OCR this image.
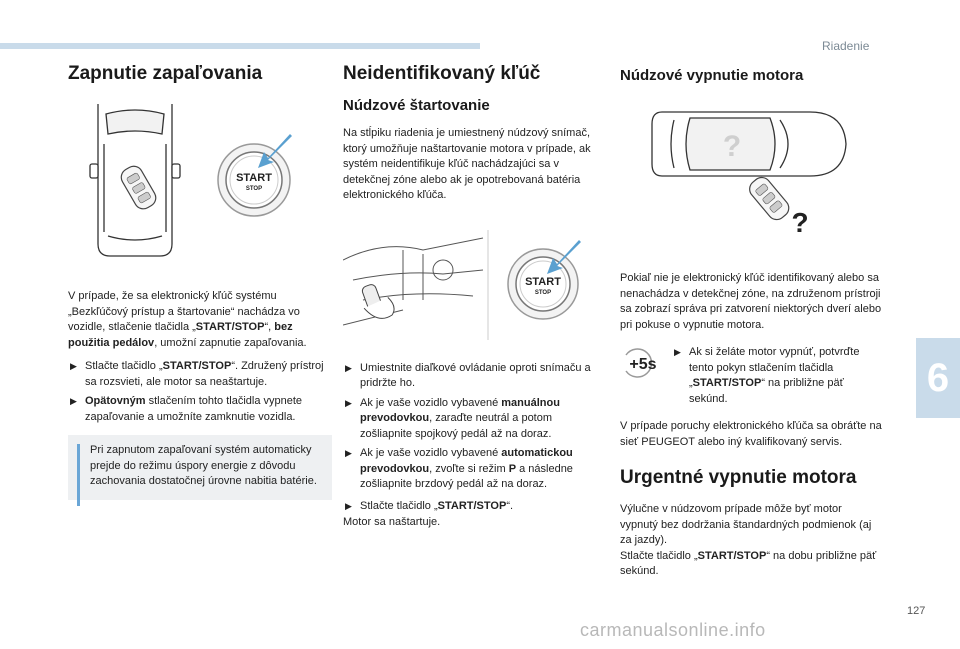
Riadenie
6
127
carmanualsonline.info
Zapnutie zapaľovania
START
STOP

V prípade, že sa elektronický kľúč systému „Bezkľúčový prístup a štartovanie“ nachádza vo vozidle, stlačenie tlačidla „START/STOP“, bez použitia pedálov, umožní zapnutie zapaľovania.

▶ Stlačte tlačidlo „START/STOP“. Združený prístroj sa rozsvieti, ale motor sa neaštartuje.
▶ Opätovným stlačením tohto tlačidla vypnete zapaľovanie a umožníte zamknutie vozidla.

Pri zapnutom zapaľovaní systém automaticky prejde do režimu úspory energie z dôvodu zachovania dostatočnej úrovne nabitia batérie.

Neidentifikovaný kľúč
Núdzové štartovanie

Na stĺpiku riadenia je umiestnený núdzový snímač, ktorý umožňuje naštartovanie motora v prípade, ak systém neidentifikuje kľúč nachádzajúci sa v detekčnej zóne alebo ak je opotrebovaná batéria elektronického kľúča.

START
STOP
▶ Umiestnite diaľkové ovládanie oproti snímaču a pridržte ho.
▶ Ak je vaše vozidlo vybavené manuálnou prevodovkou, zaraďte neutrál a potom zošliapnite spojkový pedál až na doraz.
▶ Ak je vaše vozidlo vybavené automatickou prevodovkou, zvoľte si režim P a následne zošliapnite brzdový pedál až na doraz.
▶ Stlačte tlačidlo „START/STOP“.

Motor sa naštartuje.

Núdzové vypnutie motora
?
?

Pokiaľ nie je elektronický kľúč identifikovaný alebo sa nenachádza v detekčnej zóne, na združenom prístroji sa zobrazí správa pri zatvorení niektorých dverí alebo pri pokuse o vypnutie motora.

+5s
▶ Ak si želáte motor vypnúť, potvrďte tento pokyn stlačením tlačidla „START/STOP“ na približne päť sekúnd.

V prípade poruchy elektronického kľúča sa obráťte na sieť PEUGEOT alebo iný kvalifikovaný servis.

Urgentné vypnutie motora

Výlučne v núdzovom prípade môže byť motor vypnutý bez dodržania štandardných podmienok (aj za jazdy).

Stlačte tlačidlo „START/STOP“ na dobu približne päť sekúnd.
